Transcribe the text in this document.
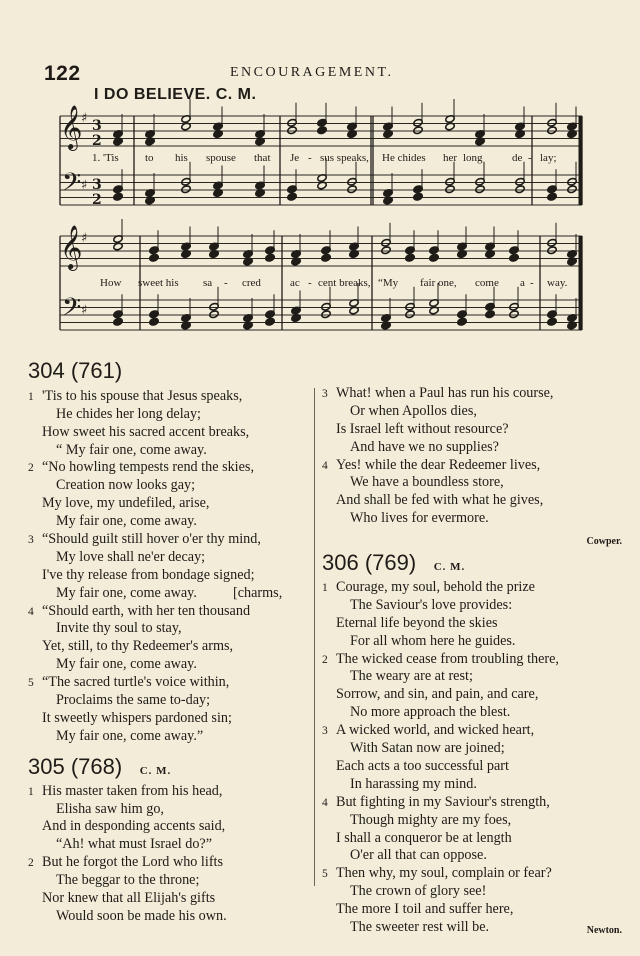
122	ENCOURAGEMENT.
I DO BELIEVE. C. M.
𝄞
𝄢
♯
♯
3
2
3
2
𝄞
𝄢
♯
♯
1. 'Tis to his spouse that Je - sus speaks, He chides her long	de - lay;
How sweet his sa - cred	ac - cent breaks, “My fair one, come a - way.
304 (761)
1 'Tis to his spouse that Jesus speaks,
He chides her long delay;
How sweet his sacred accent breaks,
“ My fair one, come away.
2 “No howling tempests rend the skies,
Creation now looks gay;
My love, my undefiled, arise,
My fair one, come away.
3 “Should guilt still hover o'er thy mind,
My love shall ne'er decay;
I've thy release from bondage signed;
My fair one, come away.
4 “Should earth, with her ten thousand
Invite thy soul to stay,
Yet, still, to thy Redeemer's arms,
My fair one, come away.
5 “The sacred turtle's voice within,
Proclaims the same to-day;
It sweetly whispers pardoned sin;
My fair one, come away.”
305 (768) C. M.
1 His master taken from his head,
Elisha saw him go,
And in desponding accents said,
“Ah! what must Israel do?”
2 But he forgot the Lord who lifts
The beggar to the throne;
Nor knew that all Elijah's gifts
Would soon be made his own.
[charms,
3 What! when a Paul has run his course,
Or when Apollos dies,
Is Israel left without resource?
And have we no supplies?
4 Yes! while the dear Redeemer lives,
We have a boundless store,
And shall be fed with what he gives,
Who lives for evermore.
Cowper.
306 (769) C. M.
1 Courage, my soul, behold the prize
The Saviour's love provides:
Eternal life beyond the skies
For all whom here he guides.
2 The wicked cease from troubling there,
The weary are at rest;
Sorrow, and sin, and pain, and care,
No more approach the blest.
3 A wicked world, and wicked heart,
With Satan now are joined;
Each acts a too successful part
In harassing my mind.
4 But fighting in my Saviour's strength,
Though mighty are my foes,
I shall a conqueror be at length
O'er all that can oppose.
5 Then why, my soul, complain or fear?
The crown of glory see!
The more I toil and suffer here,
The sweeter rest will be.	Newton.
